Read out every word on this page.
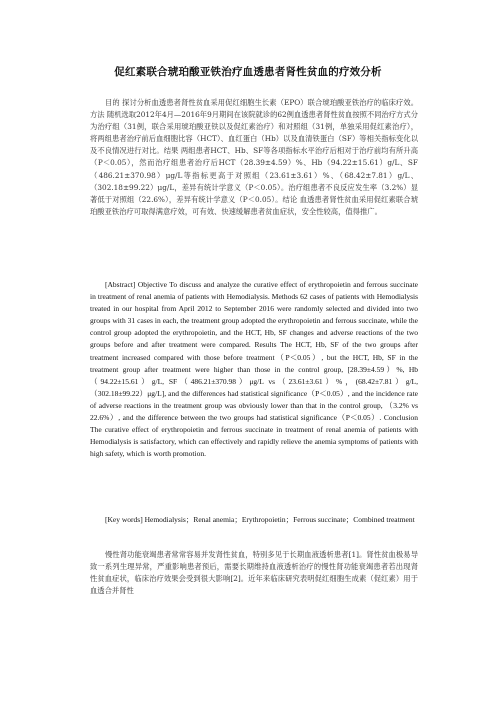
促红素联合琥珀酸亚铁治疗血透患者肾性贫血的疗效分析

目的 探讨分析血透患者肾性贫血采用促红细胞生长素（EPO）联合琥珀酸亚铁治疗的临床疗效。方法 随机选取2012年4月—2016年9月期间在该院就诊的62例血透患者肾性贫血按照不同治疗方式分为治疗组（31例，联合采用琥珀酸亚铁以及促红素治疗）和对照组（31例，单独采用促红素治疗），将两组患者治疗前后血细胞比容（HCT）、血红蛋白（Hb）以及血清铁蛋白（SF）等相关指标变化以及不良情况进行对比。结果 两组患者HCT、Hb、SF等各项指标水平治疗后相对于治疗前均有所升高（P＜0.05），然而治疗组患者治疗后HCT（28.39±4.59）%、Hb（94.22±15.61）g/L、SF（486.21±370.98）μg/L等指标更高于对照组（23.61±3.61）%、（68.42±7.81）g/L、（302.18±99.22）μg/L，差异有统计学意义（P＜0.05）。治疗组患者不良反应发生率（3.2%）显著低于对照组（22.6%），差异有统计学意义（P＜0.05）。结论 血透患者肾性贫血采用促红素联合琥珀酸亚铁治疗可取得满意疗效，可有效、快速缓解患者贫血症状，安全性较高，值得推广。

[Abstract] Objective To discuss and analyze the curative effect of erythropoietin and ferrous succinate in treatment of renal anemia of patients with Hemodialysis. Methods 62 cases of patients with Hemodialysis treated in our hospital from April 2012 to September 2016 were randomly selected and divided into two groups with 31 cases in each, the treatment group adopted the erythropoietin and ferrous succinate, while the control group adopted the erythropoietin, and the HCT, Hb, SF changes and adverse reactions of the two groups before and after treatment were compared. Results The HCT, Hb, SF of the two groups after treatment increased compared with those before treatment（P＜0.05）, but the HCT, Hb, SF in the treatment group after treatment were higher than those in the control group, [28.39±4.59）%, Hb（94.22±15.61）g/L, SF（486.21±370.98）μg/L vs（23.61±3.61）%，(68.42±7.81）g/L, （302.18±99.22）μg/L], and the differences had statistical significance（P＜0.05）, and the incidence rate of adverse reactions in the treatment group was obviously lower than that in the control group, （3.2% vs 22.6%）, and the difference between the two groups had statistical significance（P＜0.05）. Conclusion The curative effect of erythropoietin and ferrous succinate in treatment of renal anemia of patients with Hemodialysis is satisfactory, which can effectively and rapidly relieve the anemia symptoms of patients with high safety, which is worth promotion.

[Key words] Hemodialysis；Renal anemia；Erythropoietin；Ferrous succinate；Combined treatment

慢性肾功能衰竭患者常常容易并发肾性贫血，特别多见于长期血液透析患者[1]。肾性贫血极易导致一系列生理异常，严重影响患者预后，需要长期维持血液透析治疗的慢性肾功能衰竭患者若出现肾性贫血症状，临床治疗效果会受到很大影响[2]。近年来临床研究表明促红细胞生成素（促红素）用于血透合并肾性
